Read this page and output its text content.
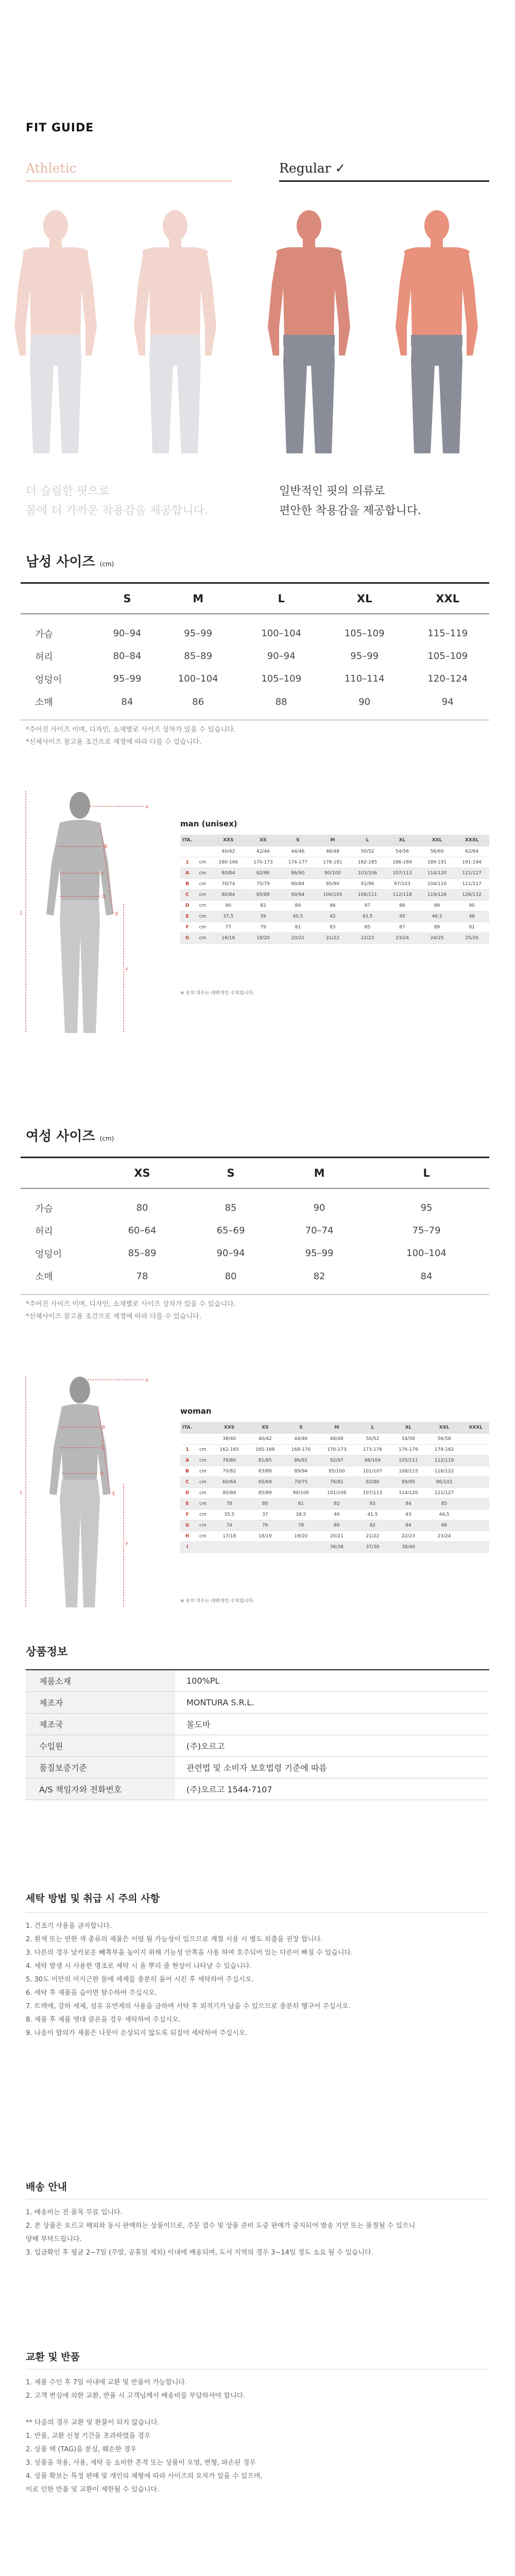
FIT GUIDE
Athletic	Regular ✓
더 슬림한 핏으로
몸에 더 가까운 착용감을 제공합니다.
일반적인 핏의 의류로
편안한 착용감을 제공합니다.
남성 사이즈 (cm)
	S	M	L	XL	XXL
가슴	90–94	95–99	100–104	105–109	115–119
허리	80–84	85–89	90–94	95–99	105–109
엉덩이	95–99	100–104	105–109	110–114	120–124
소매	84	86	88	90	94
*주어진 사이즈 이며, 디자인, 소재별로 사이즈 상차가 있을 수 있습니다.
*신체사이즈 참고용 조건으로 제정에 따라 다를 수 있습니다.
A
B
C
D
E
F
1
man (unisex)
ITA.		XXS	XS	S	M	L	XL	XXL	XXXL
		40/42	42/44	44/46	46/48	50/52	54/56	56/60	62/64
1	cm	160-166	170-173	174-177	178-181	182-185	186-189	189-191	191-194
A	cm	80/84	82/86	86/90	90/100	101/106	107/113	114/120	121/127
B	cm	70/74	75/79	80/84	85/90	91/96	97/103	104/110	111/117
C	cm	80/84	85/89	90/94	100/105	106/111	112/118	119/126	126/132
D	cm	80	82	84	86	87	88	89	90
E	cm	37,5	39	40,5	42	43,5	45	46,5	48
F	cm	77	79	81	83	85	87	89	91
G	cm	16/18	18/20	20/21	21/22	22/23	23/24	24/25	25/26
※ 표의 치수는 대략적인 수치입니다.
여성 사이즈 (cm)
	XS	S	M	L
가슴	80	85	90	95
허리	60–64	65–69	70–74	75–79
엉덩이	85–89	90–94	95–99	100–104
소매	78	80	82	84
*주어진 사이즈 이며, 디자인, 소재별로 사이즈 상차가 있을 수 있습니다.
*신체사이즈 참고용 조건으로 제정에 따라 다를 수 있습니다.
A
B
C
D
E
F
1
woman
ITA.		XXS	XS	S	M	L	XL	XXL	XXXL
		38/40	40/42	44/46	46/48	50/52	54/56	56/58	
1	cm	162-165	165-168	168-170	170-173	173-176	176-179	179-182	
A	cm	76/80	81/85	86/91	92/97	98/104	105/111	112/119	
B	cm	70/82	83/88	89/94	95/100	101/107	108/115	116/122	
C	cm	60/64	65/69	70/75	76/81	82/88	89/95	96/102	
D	cm	80/84	85/89	90/100	101/106	107/113	114/120	121/127	
E	cm	78	80	81	82	83	84	85	
F	cm	35,5	37	38,5	40	41,5	43	44,5	
G	cm	74	76	78	80	82	84	86	
H	cm	17/18	18/19	19/20	20/21	21/22	22/23	23/24	
I					36/38	37/38	38/40		
※ 표의 치수는 대략적인 수치입니다.
상품정보
제품소재	100%PL
제조자	MONTURA S.R.L.
제조국	몰도바
수입원	(주)오르고
품질보증기준	관련법 및 소비자 보호법령 기준에 따름
A/S 책임자와 전화번호	(주)오르고 1544-7107
세탁 방법 및 취급 시 주의 사항
1. 건조기 사용을 금지합니다.
2. 흰색 또는 연한 색 종류의 제품은 이염 될 가능성이 있으므로 계절 시용 시 별도 외출을 권장 합니다.
3. 다른의 경우 날카로운 빼쪽부을 높이지 위해 기능성 안쪽을 사용 하여 호주되어 있는 다른이 빠질 수 있습니다.
4. 세탁 발생 시 사용한 명조로 세탁 시 울 뿌리 줄 현상이 나타날 수 있습니다.
5. 30도 미만의 미지근한 물에 세제를 충분히 풀어 시킨 후 세탁하여 주십시오.
6. 세탁 후 제품을 습이면 탈수하여 주십시오.
7. 트렉에, 강하 세제, 섬유 유연제의 사용을 금하며 서탁 후 외적기가 남을 수 있으므로 충분히 헹구어 주십시오.
8. 제품 후 제품 엣대 클론을 경우 세탁하여 주십시오.
9. 나음이 합의가 제품은 나뭇이 손상되지 않도록 뒤집어 세탁하여 주십시오.
배송 안내
1. 배송비는 전 품목 무료 입니다.
2. 본 상품은 오르고 해외와 동시 판매하는 상품이므로, 주문 접수 및 상품 준비 도중 판매가 중지되어 발송 지연 또는 품절될 수 있으니
양해 부탁드립니다.
3. 입금확인 후 평균 2~7일 (주말, 공휴일 제외) 이내에 배송되며, 도서 지역의 경우 3~14일 정도 소요 될 수 있습니다.
교환 및 반품
1. 제품 수인 후 7일 이내에 교환 및 반품이 가능합니다.
2. 고객 변심에 의한 교환, 반품 시 고객님께서 배송비를 부담하셔야 합니다.

** 다음의 경우 교환 및 환불이 되지 않습니다.
1. 반품, 교환 신청 기간을 초과하였을 경우
2. 상품 택 (TAG)을 분실, 훼손한 경우
3. 상품을 착용, 사용, 세탁 등 소비한 흔적 또는 상품이 오염, 변형, 파손된 경우
4. 상품 확보는 특정 판매 및 개인의 체형에 따라 사이즈의 오차가 있을 수 있으며,
이로 인한 반품 및 교환이 제한될 수 있습니다.
